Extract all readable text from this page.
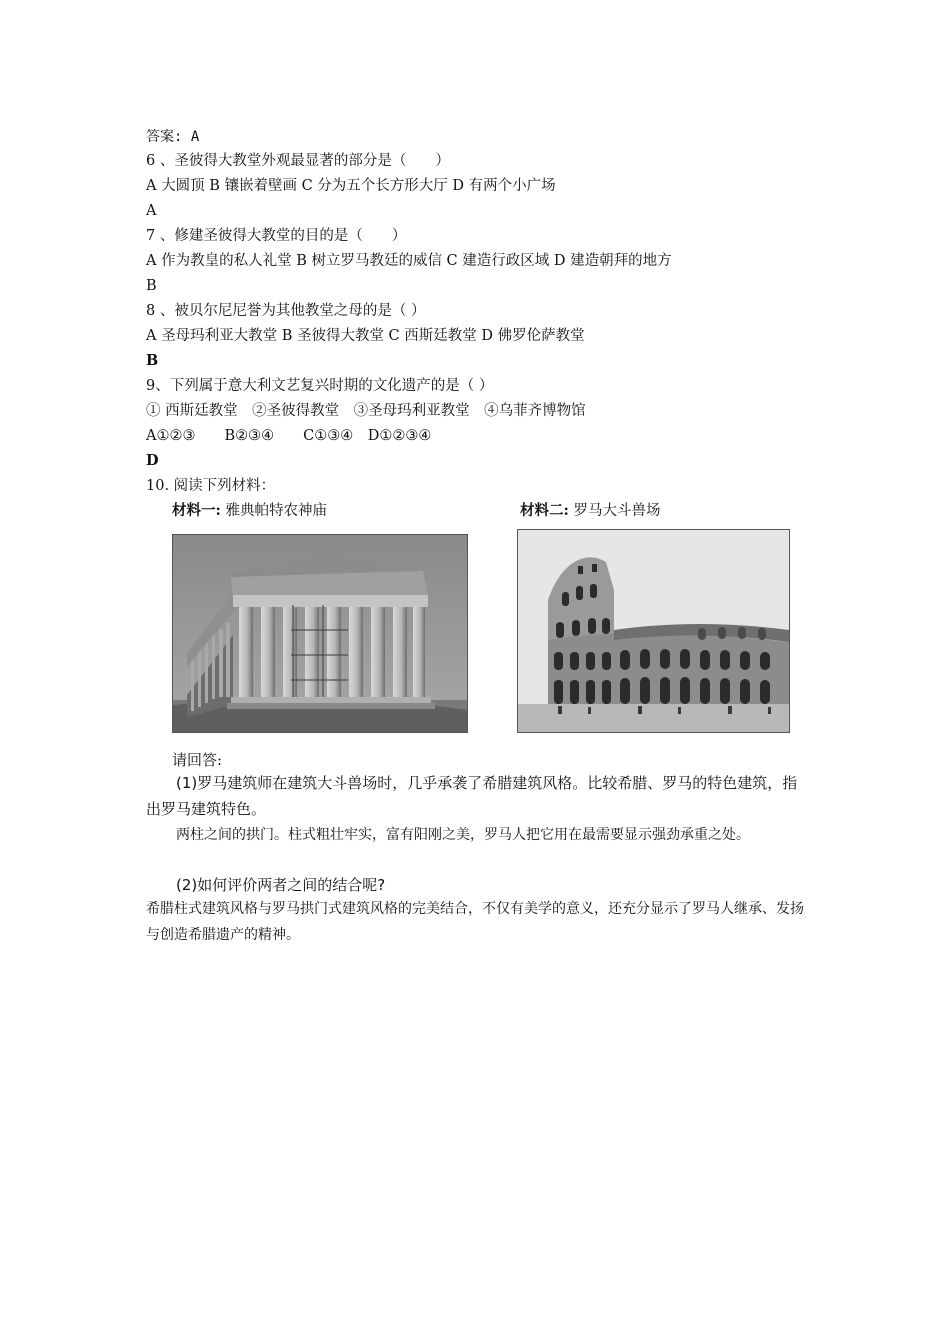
答案: A
6 、圣彼得大教堂外观最显著的部分是（　　）
A 大圆顶 B 镶嵌着壁画 C 分为五个长方形大厅 D 有两个小广场
A
7 、修建圣彼得大教堂的目的是（　　）
A 作为教皇的私人礼堂 B 树立罗马教廷的威信 C 建造行政区域 D 建造朝拜的地方
B
8 、被贝尔尼尼誉为其他教堂之母的是（ ）
A 圣母玛利亚大教堂 B 圣彼得大教堂 C 西斯廷教堂 D 佛罗伦萨教堂
B
9、下列属于意大利文艺复兴时期的文化遗产的是（ ）
① 西斯廷教堂　②圣彼得教堂　③圣母玛利亚教堂　④乌菲齐博物馆
A①②③　　B②③④　　C①③④　D①②③④
D
10. 阅读下列材料：
材料一: 雅典帕特农神庙	材料二: 罗马大斗兽场
请回答:
(1)罗马建筑师在建筑大斗兽场时，几乎承袭了希腊建筑风格。比较希腊、罗马的特色建筑，指出罗马建筑特色。
两柱之间的拱门。柱式粗壮牢实，富有阳刚之美，罗马人把它用在最需要显示强劲承重之处。
(2)如何评价两者之间的结合呢?
希腊柱式建筑风格与罗马拱门式建筑风格的完美结合，不仅有美学的意义，还充分显示了罗马人继承、发扬与创造希腊遗产的精神。
